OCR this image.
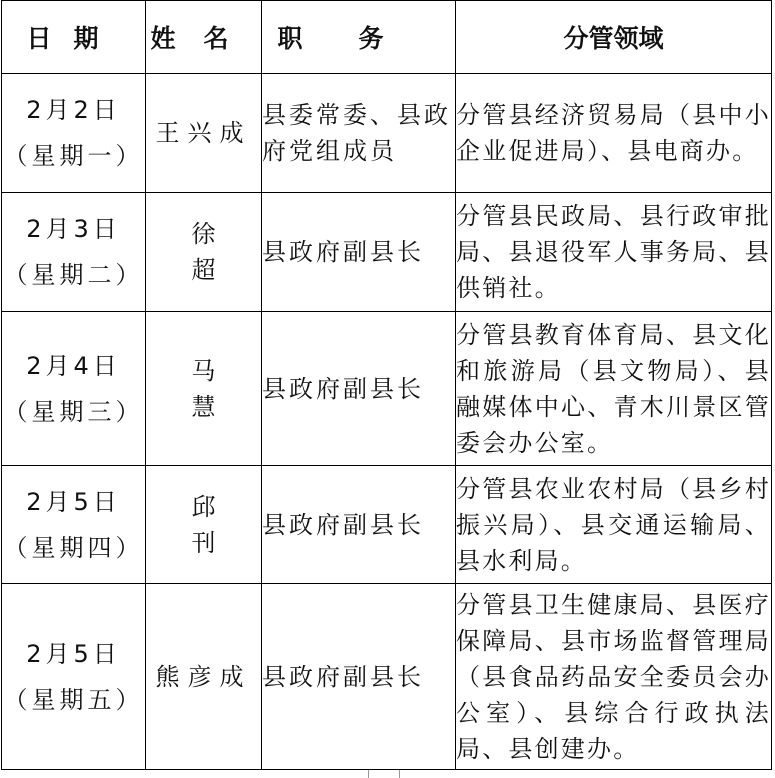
日期	姓名	职务	分管领域

2月2日
（星期一）	王兴成	县委常委、县政府党组成员	分管县经济贸易局（县中小企业促进局）、县电商办。

2月3日
（星期二）	徐超	县政府副县长	分管县民政局、县行政审批局、县退役军人事务局、县供销社。

2月4日
（星期三）	马慧	县政府副县长	分管县教育体育局、县文化和旅游局（县文物局）、县融媒体中心、青木川景区管委会办公室。

2月5日
（星期四）	邱刊	县政府副县长	分管县农业农村局（县乡村振兴局）、县交通运输局、县水利局。

2月5日
（星期五）	熊彦成	县政府副县长	分管县卫生健康局、县医疗保障局、县市场监督管理局（县食品药品安全委员会办公室）、县综合行政执法局、县创建办。
